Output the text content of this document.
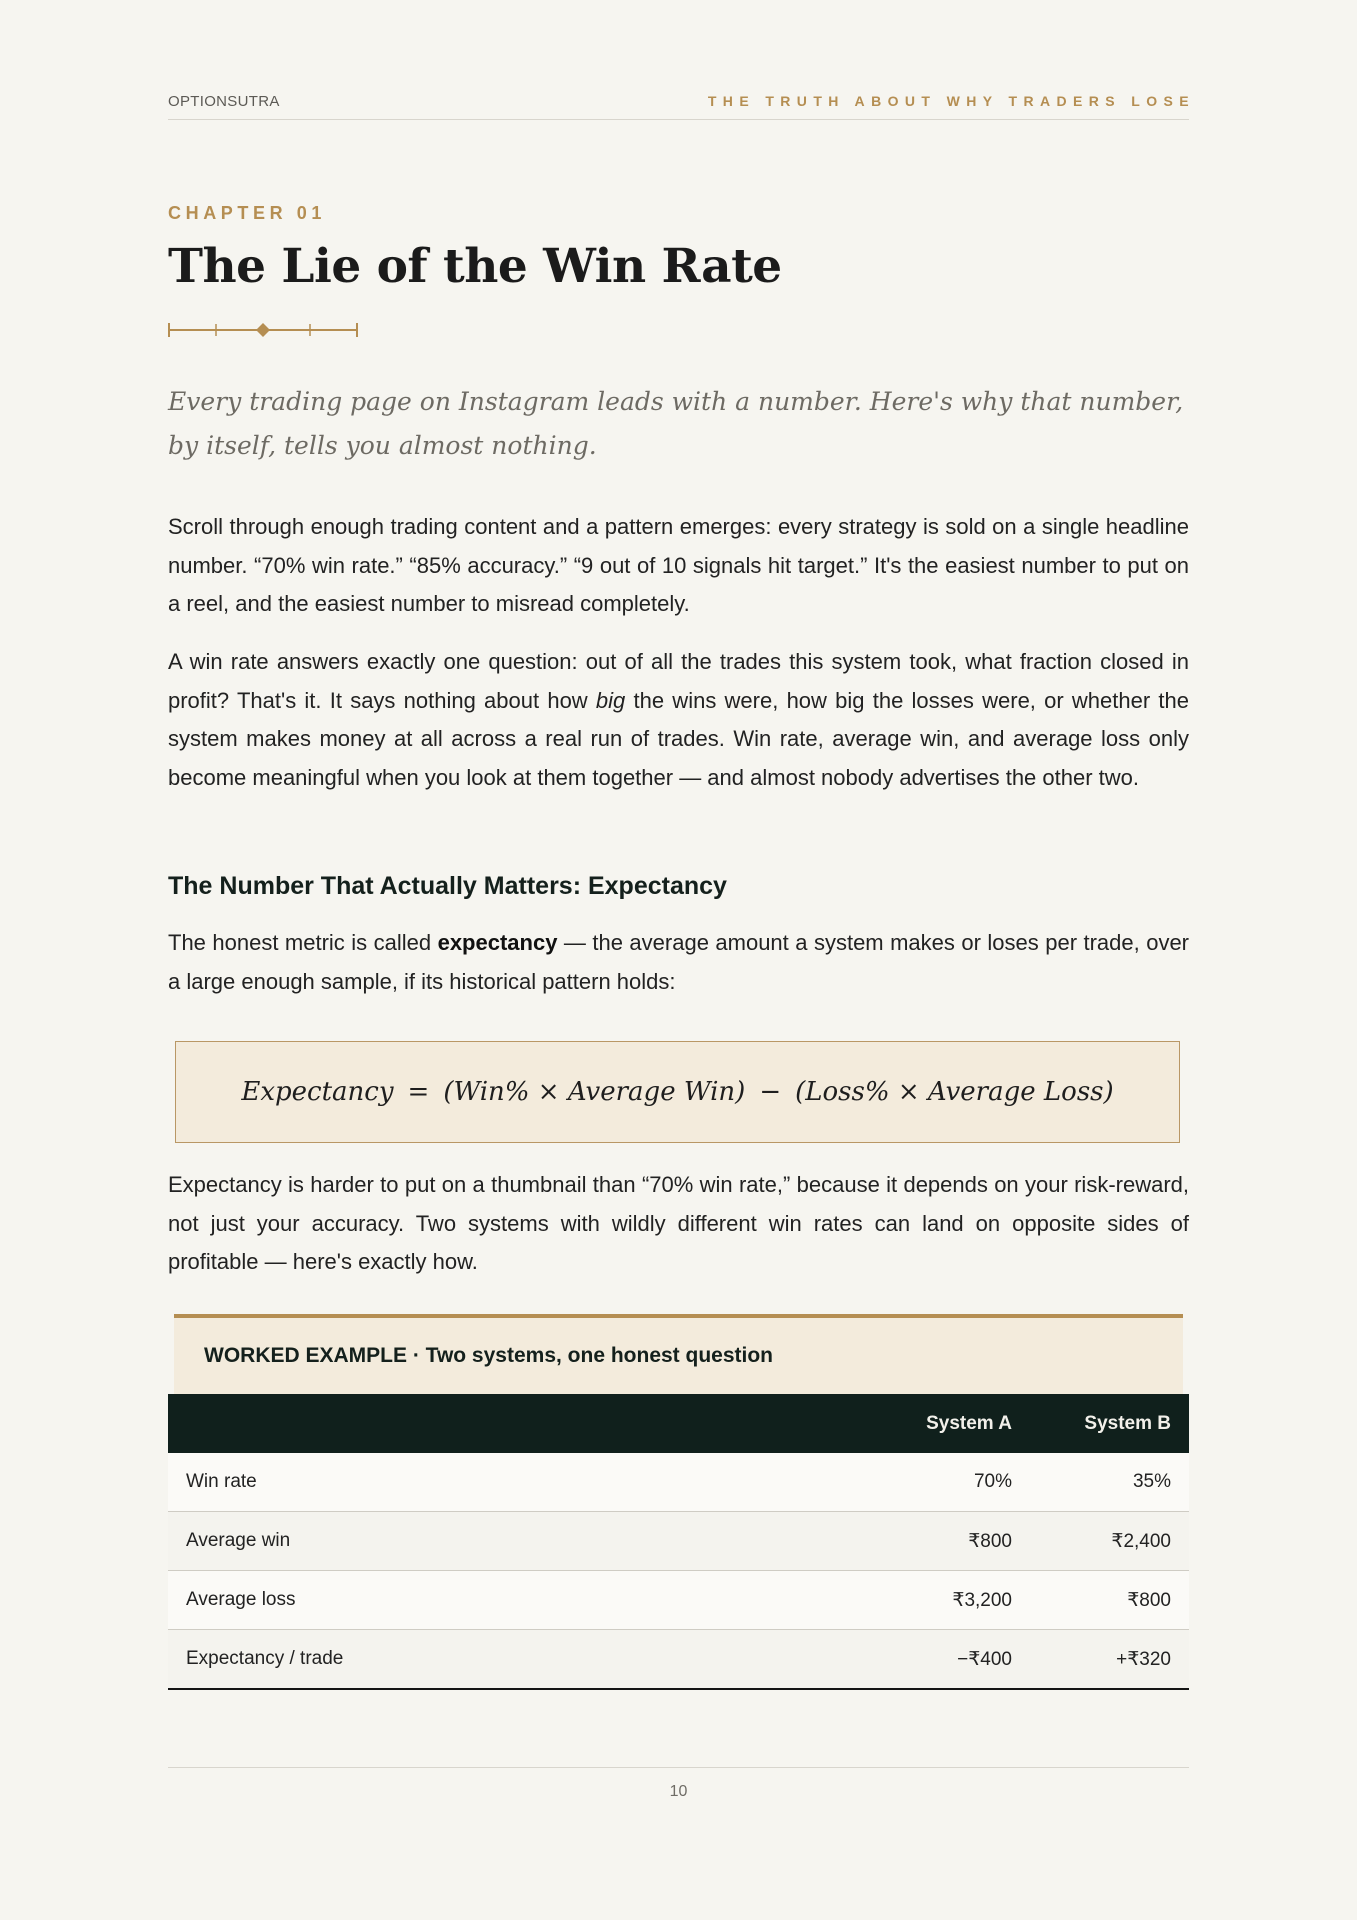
OPTIONSUTRA	THE TRUTH ABOUT WHY TRADERS LOSE
CHAPTER 01
The Lie of the Win Rate

Every trading page on Instagram leads with a number. Here's why that number, by itself, tells you almost nothing.

Scroll through enough trading content and a pattern emerges: every strategy is sold on a single headline number. “70% win rate.” “85% accuracy.” “9 out of 10 signals hit target.” It's the easiest number to put on a reel, and the easiest number to misread completely.

A win rate answers exactly one question: out of all the trades this system took, what fraction closed in profit? That's it. It says nothing about how big the wins were, how big the losses were, or whether the system makes money at all across a real run of trades. Win rate, average win, and average loss only become meaningful when you look at them together — and almost nobody advertises the other two.

The Number That Actually Matters: Expectancy

The honest metric is called expectancy — the average amount a system makes or loses per trade, over a large enough sample, if its historical pattern holds:

Expectancy = (Win% × Average Win) − (Loss% × Average Loss)

Expectancy is harder to put on a thumbnail than “70% win rate,” because it depends on your risk-reward, not just your accuracy. Two systems with wildly different win rates can land on opposite sides of profitable — here's exactly how.

WORKED EXAMPLE · Two systems, one honest question
	System A	System B
Win rate	70%	35%
Average win	₹800	₹2,400
Average loss	₹3,200	₹800
Expectancy / trade	−₹400	+₹320
10
